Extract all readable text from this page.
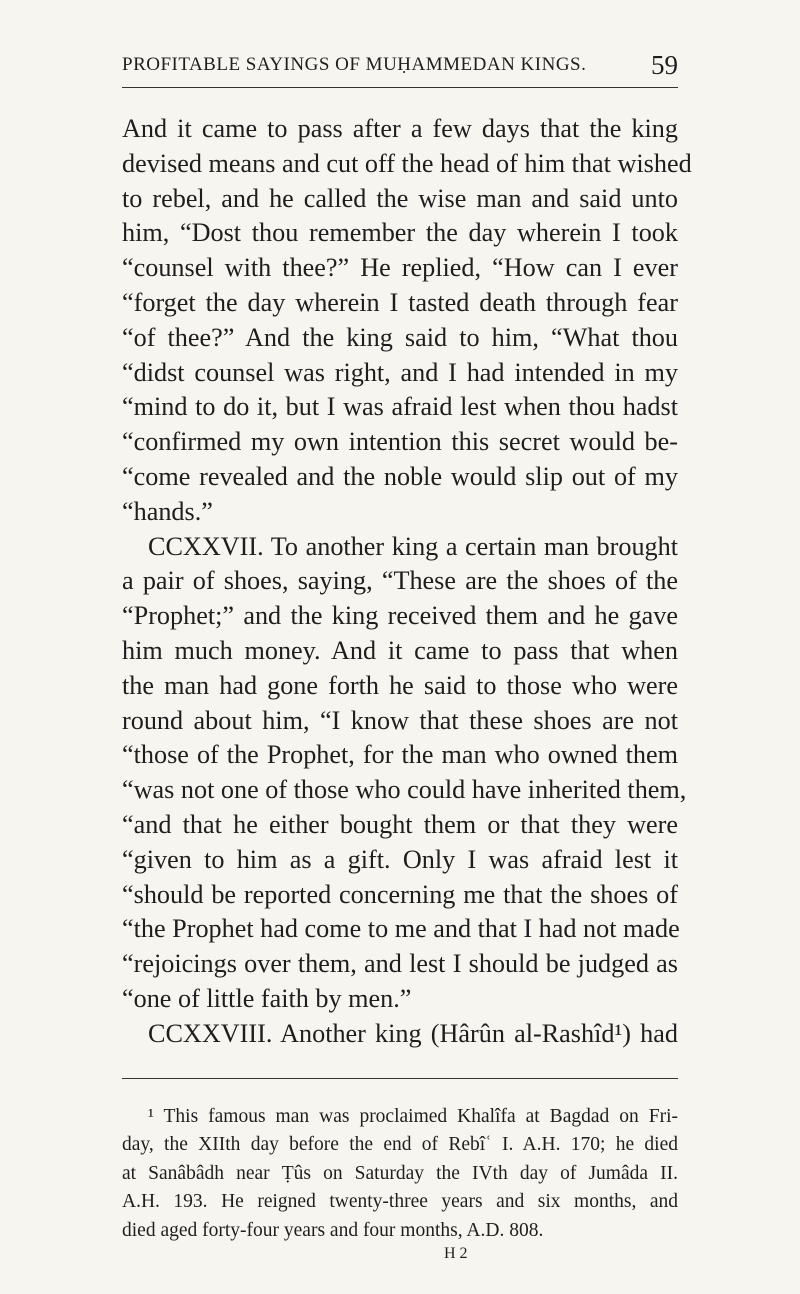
PROFITABLE SAYINGS OF MUḤAMMEDAN KINGS. 59
And it came to pass after a few days that the king
devised means and cut off the head of him that wished
to rebel, and he called the wise man and said unto
him, “Dost thou remember the day wherein I took
“counsel with thee?” He replied, “How can I ever
“forget the day wherein I tasted death through fear
“of thee?” And the king said to him, “What thou
“didst counsel was right, and I had intended in my
“mind to do it, but I was afraid lest when thou hadst
“confirmed my own intention this secret would be-
“come revealed and the noble would slip out of my
“hands.”
CCXXVII. To another king a certain man brought
a pair of shoes, saying, “These are the shoes of the
“Prophet;” and the king received them and he gave
him much money. And it came to pass that when
the man had gone forth he said to those who were
round about him, “I know that these shoes are not
“those of the Prophet, for the man who owned them
“was not one of those who could have inherited them,
“and that he either bought them or that they were
“given to him as a gift. Only I was afraid lest it
“should be reported concerning me that the shoes of
“the Prophet had come to me and that I had not made
“rejoicings over them, and lest I should be judged as
“one of little faith by men.”
CCXXVIII. Another king (Hârûn al-Rashîd¹) had
¹ This famous man was proclaimed Khalîfa at Bagdad on Fri-
day, the XIIth day before the end of Rebîʿ I. A.H. 170; he died
at Sanâbâdh near Ṭûs on Saturday the IVth day of Jumâda II.
A.H. 193. He reigned twenty-three years and six months, and
died aged forty-four years and four months, A.D. 808.
H 2
